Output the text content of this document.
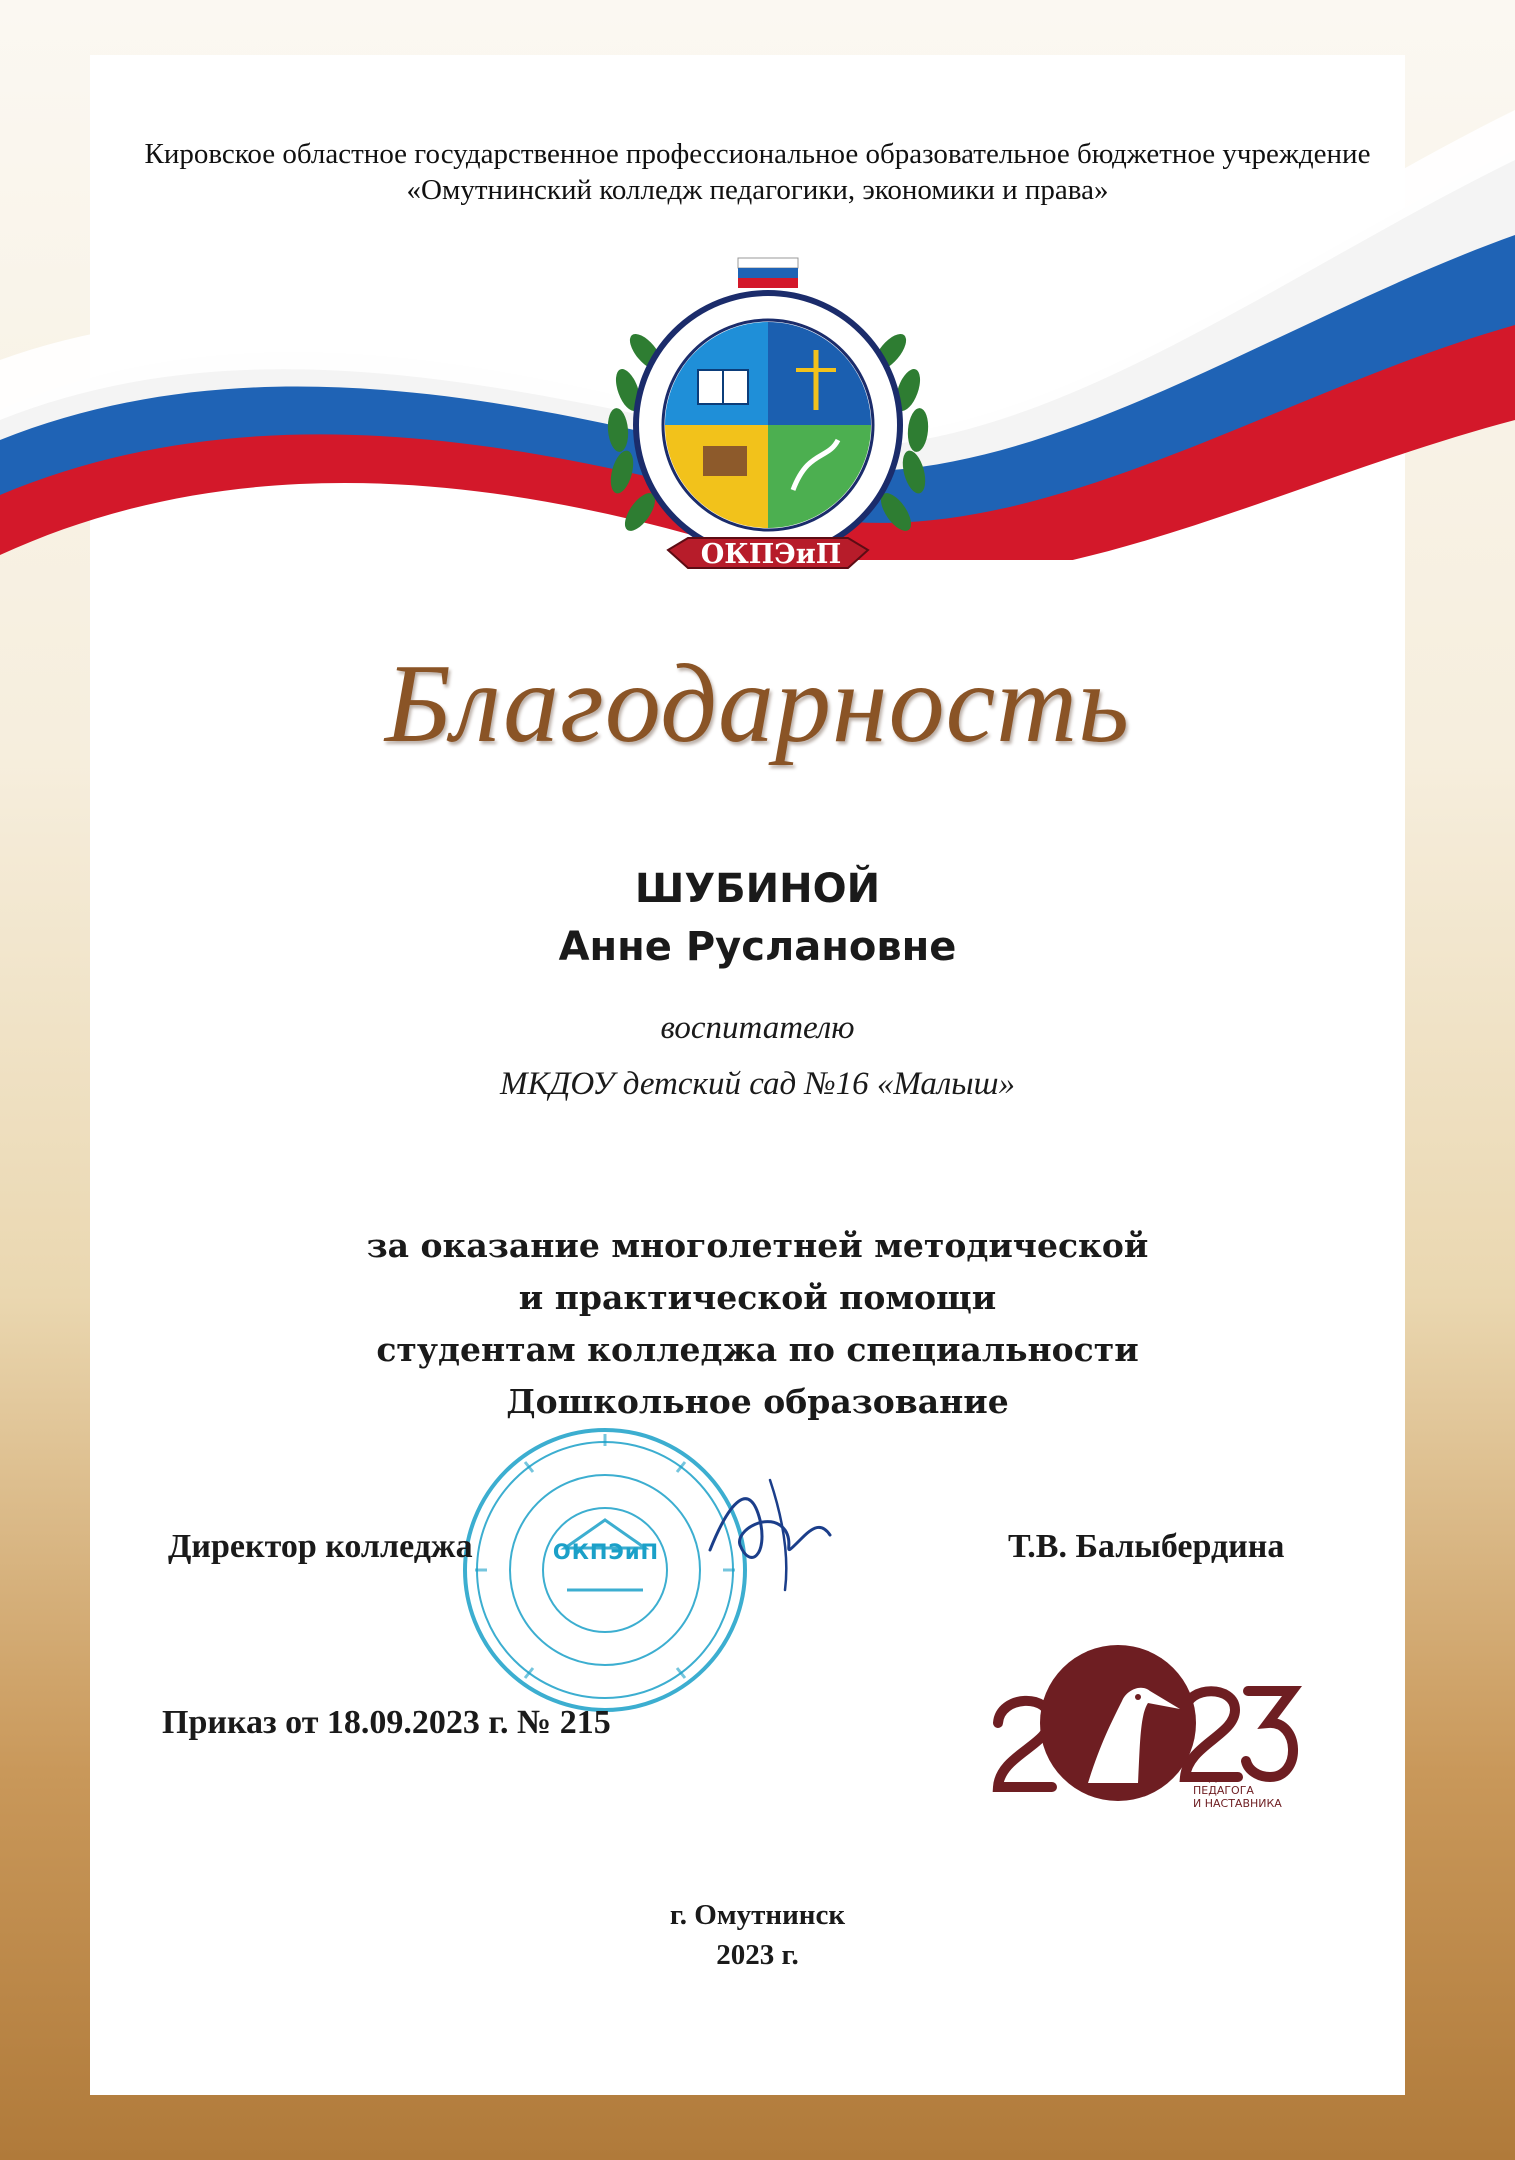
Кировское областное государственное профессиональное образовательное бюджетное учреждение
«Омутнинский колледж педагогики, экономики и права»
ОКПЭиП
Благодарность
ШУБИНОЙ
Анне Руслановне
воспитателю
МКДОУ детский сад №16 «Малыш»
за оказание многолетней методической
и практической помощи
студентам колледжа по специальности
Дошкольное образование
ОКПЭиП
Директор колледжа	Т.В. Балыбердина
Приказ от 18.09.2023 г. № 215
ГОД
ПЕДАГОГА
И НАСТАВНИКА
г. Омутнинск
2023 г.
